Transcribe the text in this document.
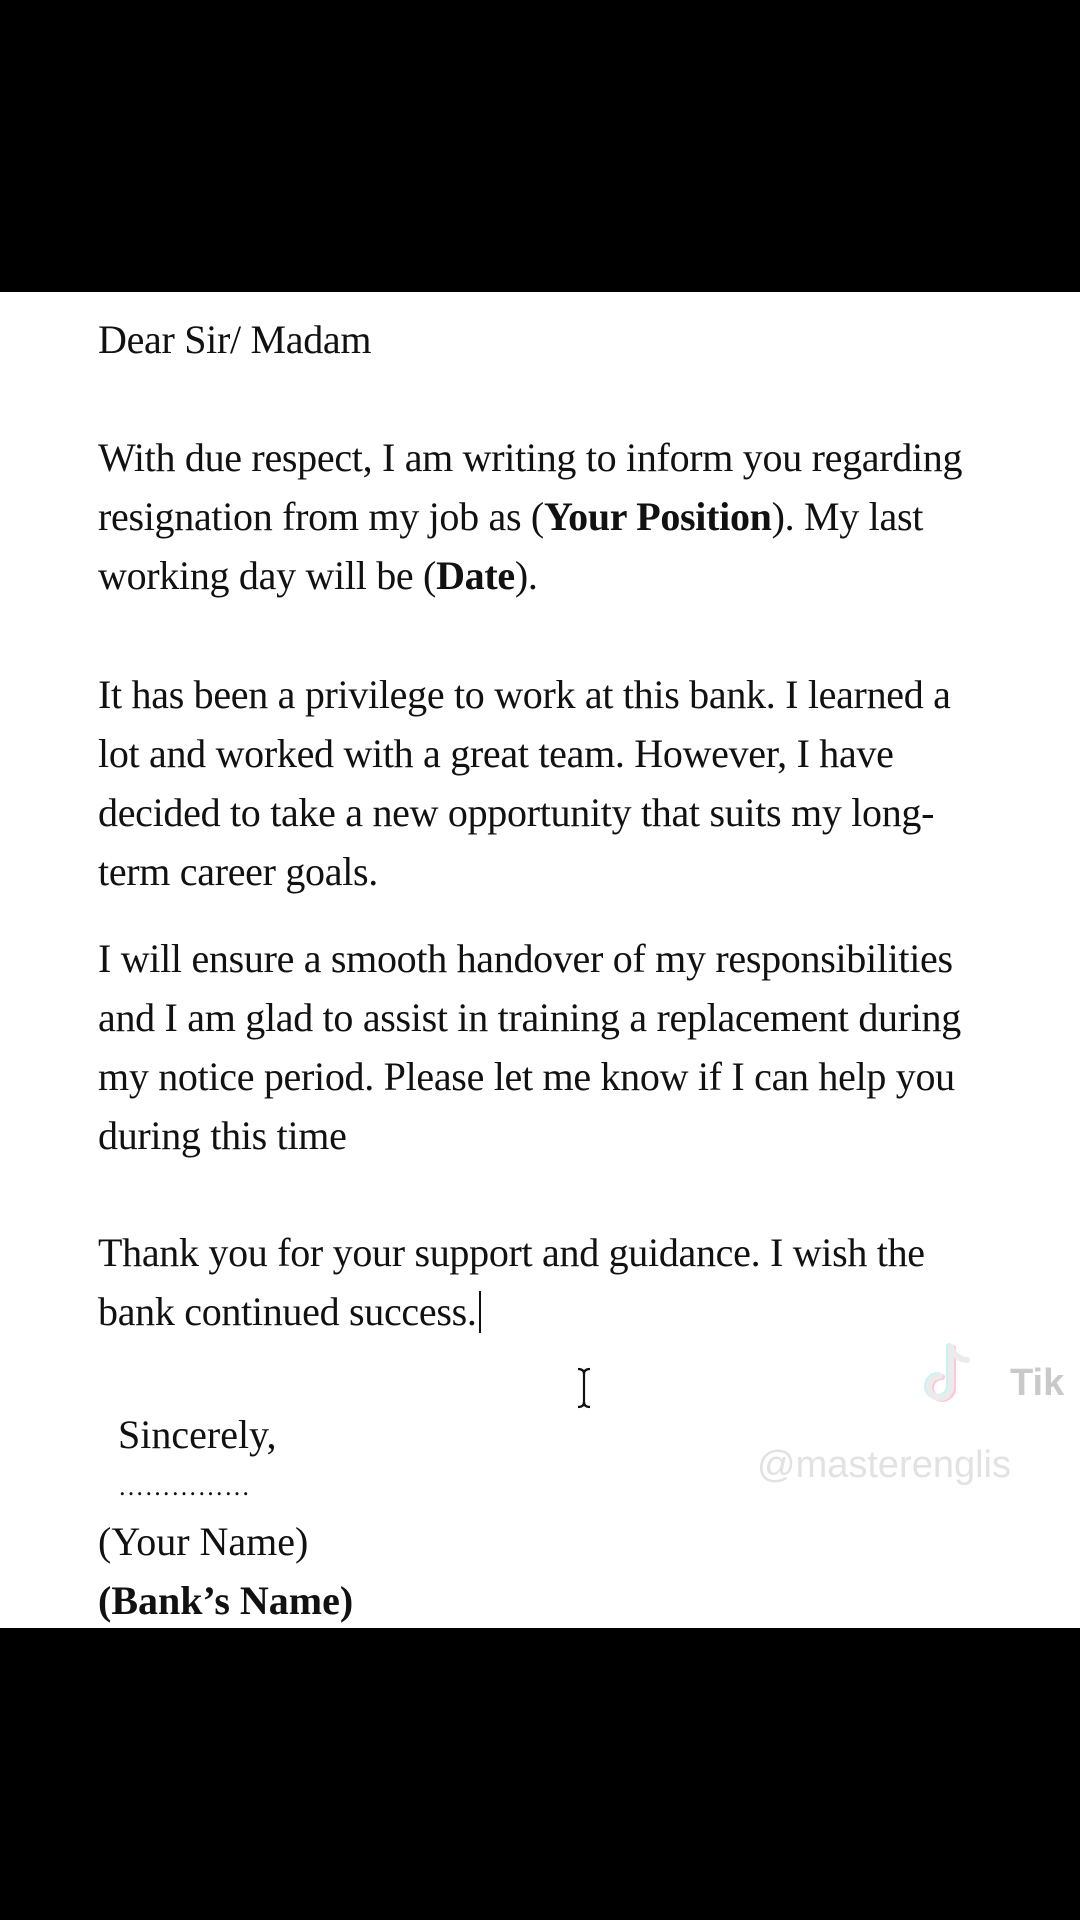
Dear Sir/ Madam

With due respect, I am writing to inform you regarding
resignation from my job as (Your Position). My last
working day will be (Date).

It has been a privilege to work at this bank. I learned a
lot and worked with a great team. However, I have
decided to take a new opportunity that suits my long-
term career goals.

I will ensure a smooth handover of my responsibilities
and I am glad to assist in training a replacement during
my notice period. Please let me know if I can help you
during this time

Thank you for your support and guidance. I wish the
bank continued success.

Sincerely,
……………
(Your Name)
(Bank’s Name)
Tik
@masterenglis
